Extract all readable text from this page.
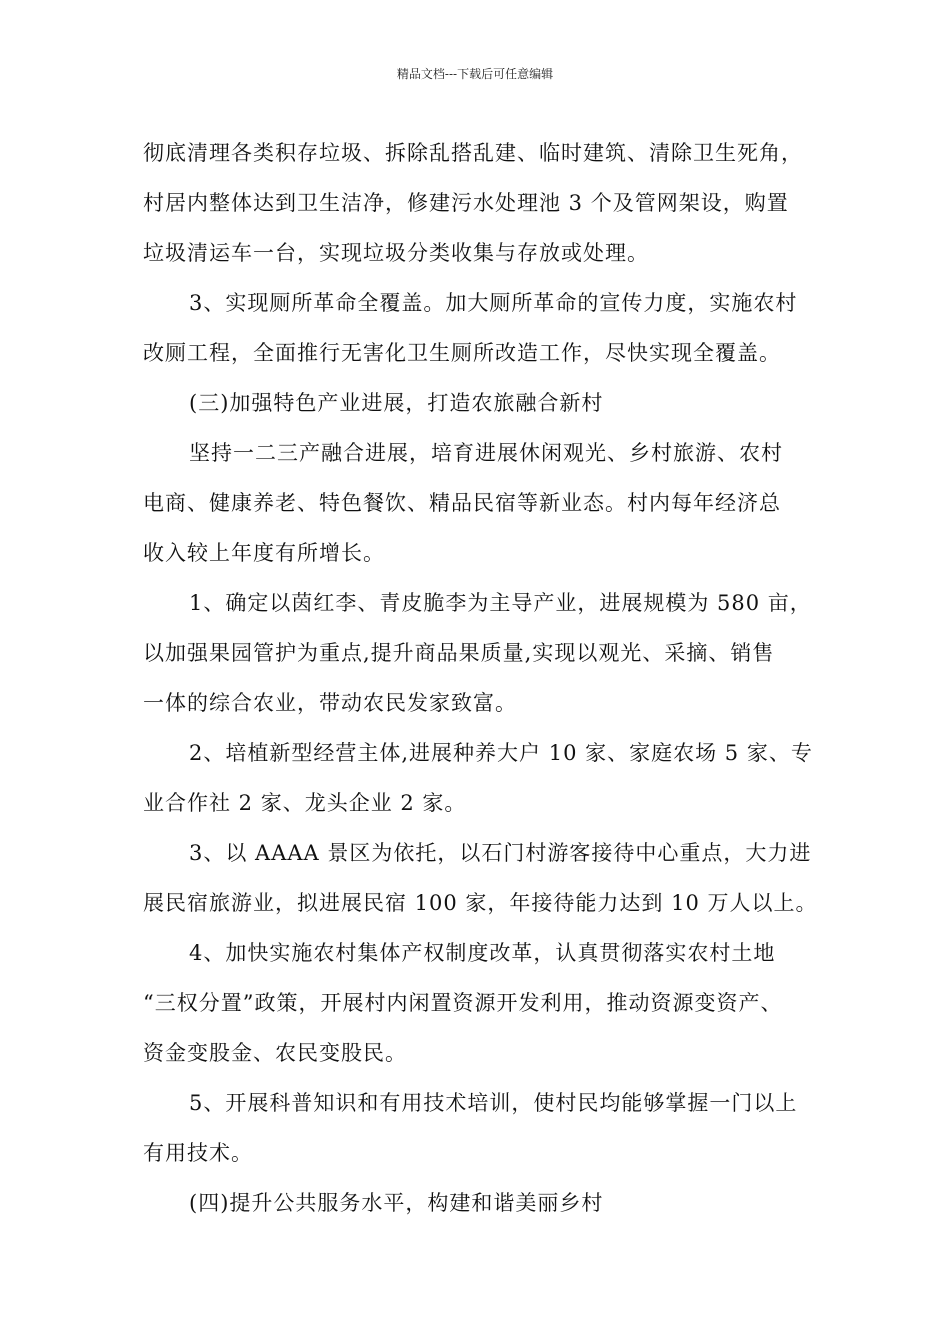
精品文档---下载后可任意编辑
彻底清理各类积存垃圾、拆除乱搭乱建、临时建筑、清除卫生死角，
村居内整体达到卫生洁净，修建污水处理池 3 个及管网架设，购置
垃圾清运车一台，实现垃圾分类收集与存放或处理。
3、实现厕所革命全覆盖。加大厕所革命的宣传力度，实施农村
改厕工程，全面推行无害化卫生厕所改造工作，尽快实现全覆盖。
(三)加强特色产业进展，打造农旅融合新村
坚持一二三产融合进展，培育进展休闲观光、乡村旅游、农村
电商、健康养老、特色餐饮、精品民宿等新业态。村内每年经济总
收入较上年度有所增长。
1、确定以茵红李、青皮脆李为主导产业，进展规模为 580 亩，
以加强果园管护为重点,提升商品果质量,实现以观光、采摘、销售
一体的综合农业，带动农民发家致富。
2、培植新型经营主体,进展种养大户 10 家、家庭农场 5 家、专
业合作社 2 家、龙头企业 2 家。
3、以 AAAA 景区为依托，以石门村游客接待中心重点，大力进
展民宿旅游业，拟进展民宿 100 家，年接待能力达到 10 万人以上。
4、加快实施农村集体产权制度改革，认真贯彻落实农村土地
“三权分置”政策，开展村内闲置资源开发利用，推动资源变资产、
资金变股金、农民变股民。
5、开展科普知识和有用技术培训，使村民均能够掌握一门以上
有用技术。
(四)提升公共服务水平，构建和谐美丽乡村
